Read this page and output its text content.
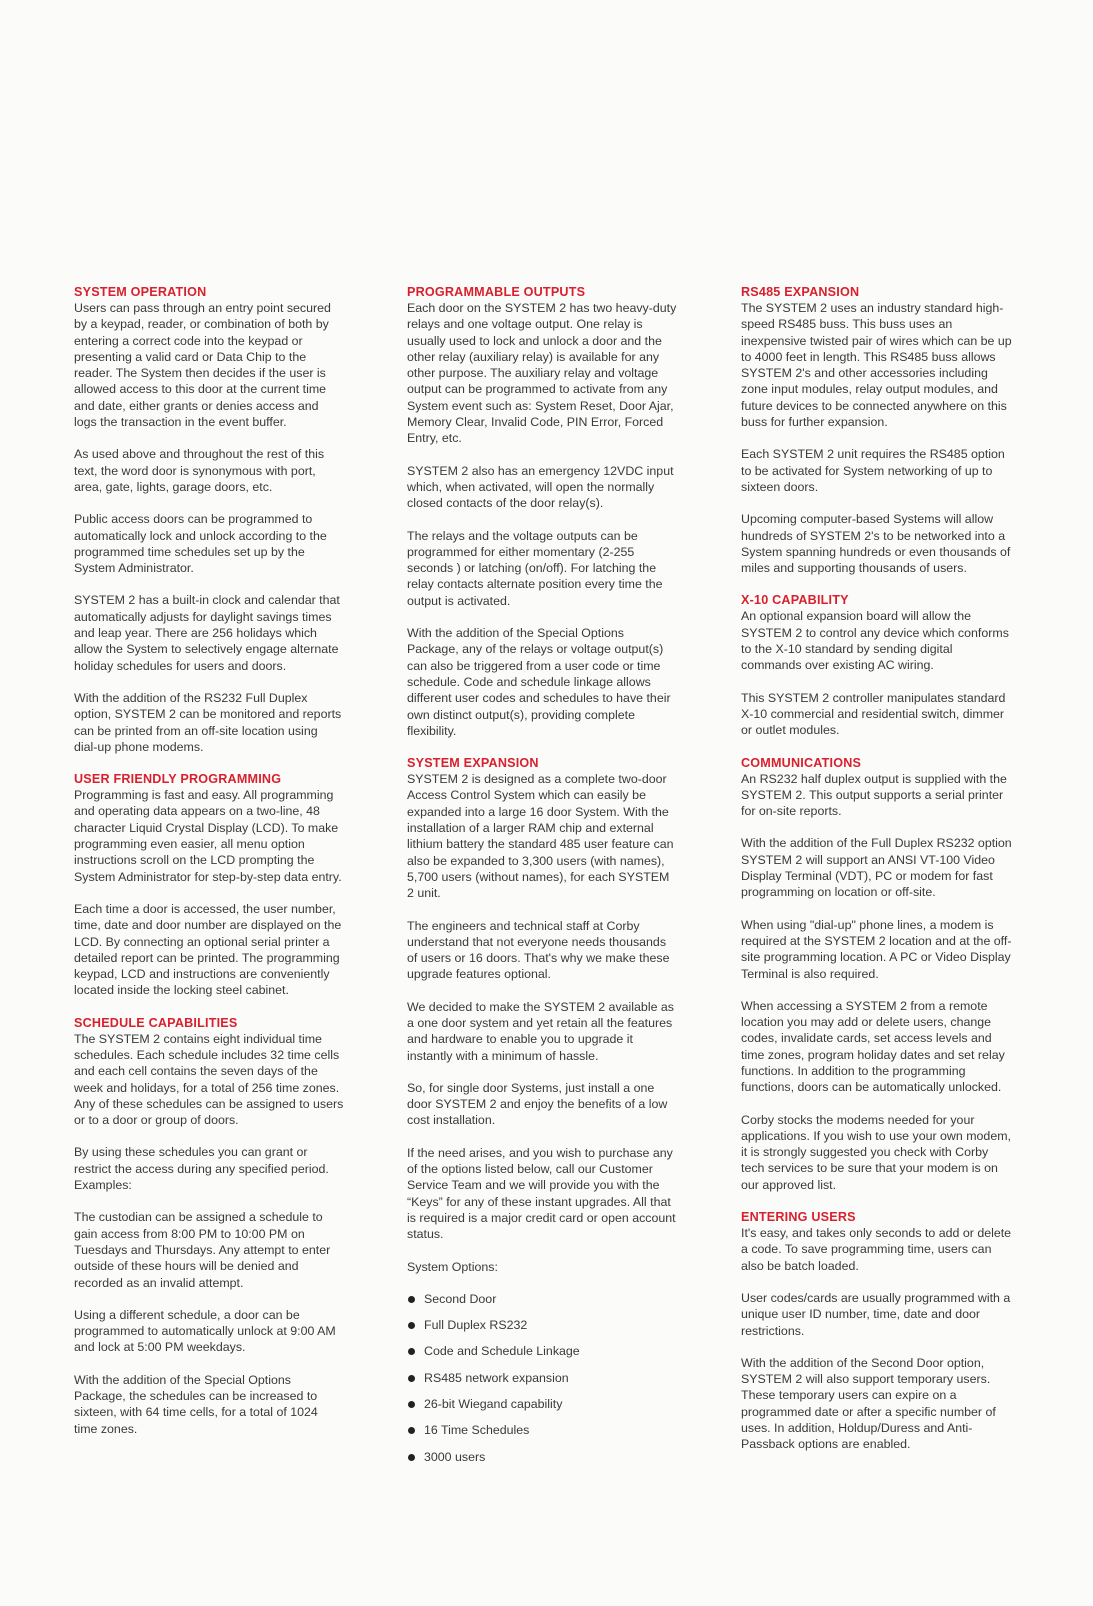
SYSTEM OPERATION

Users can pass through an entry point secured by a keypad, reader, or combination of both by entering a correct code into the keypad or presenting a valid card or Data Chip to the reader. The System then decides if the user is allowed access to this door at the current time and date, either grants or denies access and logs the transaction in the event buffer.

As used above and throughout the rest of this text, the word door is synonymous with port, area, gate, lights, garage doors, etc.

Public access doors can be programmed to automatically lock and unlock according to the programmed time schedules set up by the System Administrator.

SYSTEM 2 has a built-in clock and calendar that automatically adjusts for daylight savings times and leap year. There are 256 holidays which allow the System to selectively engage alternate holiday schedules for users and doors.

With the addition of the RS232 Full Duplex option, SYSTEM 2 can be monitored and reports can be printed from an off-site location using dial-up phone modems.

USER FRIENDLY PROGRAMMING

Programming is fast and easy. All programming and operating data appears on a two-line, 48 character Liquid Crystal Display (LCD). To make programming even easier, all menu option instructions scroll on the LCD prompting the System Administrator for step-by-step data entry.

Each time a door is accessed, the user number, time, date and door number are displayed on the LCD. By connecting an optional serial printer a detailed report can be printed. The programming keypad, LCD and instructions are conveniently located inside the locking steel cabinet.

SCHEDULE CAPABILITIES

The SYSTEM 2 contains eight individual time schedules. Each schedule includes 32 time cells and each cell contains the seven days of the week and holidays, for a total of 256 time zones. Any of these schedules can be assigned to users or to a door or group of doors.

By using these schedules you can grant or restrict the access during any specified period. Examples:

The custodian can be assigned a schedule to gain access from 8:00 PM to 10:00 PM on Tuesdays and Thursdays. Any attempt to enter outside of these hours will be denied and recorded as an invalid attempt.

Using a different schedule, a door can be programmed to automatically unlock at 9:00 AM and lock at 5:00 PM weekdays.

With the addition of the Special Options Package, the schedules can be increased to sixteen, with 64 time cells, for a total of 1024 time zones.

PROGRAMMABLE OUTPUTS

Each door on the SYSTEM 2 has two heavy-duty relays and one voltage output. One relay is usually used to lock and unlock a door and the other relay (auxiliary relay) is available for any other purpose. The auxiliary relay and voltage output can be programmed to activate from any System event such as: System Reset, Door Ajar, Memory Clear, Invalid Code, PIN Error, Forced Entry, etc.

SYSTEM 2 also has an emergency 12VDC input which, when activated, will open the normally closed contacts of the door relay(s).

The relays and the voltage outputs can be programmed for either momentary (2-255 seconds ) or latching (on/off). For latching the relay contacts alternate position every time the output is activated.

With the addition of the Special Options Package, any of the relays or voltage output(s) can also be triggered from a user code or time schedule. Code and schedule linkage allows different user codes and schedules to have their own distinct output(s), providing complete flexibility.

SYSTEM EXPANSION

SYSTEM 2 is designed as a complete two-door Access Control System which can easily be expanded into a large 16 door System. With the installation of a larger RAM chip and external lithium battery the standard 485 user feature can also be expanded to 3,300 users (with names), 5,700 users (without names), for each SYSTEM 2 unit.

The engineers and technical staff at Corby understand that not everyone needs thousands of users or 16 doors. That's why we make these upgrade features optional.

We decided to make the SYSTEM 2 available as a one door system and yet retain all the features and hardware to enable you to upgrade it instantly with a minimum of hassle.

So, for single door Systems, just install a one door SYSTEM 2 and enjoy the benefits of a low cost installation.

If the need arises, and you wish to purchase any of the options listed below, call our Customer Service Team and we will provide you with the “Keys” for any of these instant upgrades. All that is required is a major credit card or open account status.

System Options:

Second Door
Full Duplex RS232
Code and Schedule Linkage
RS485 network expansion
26-bit Wiegand capability
16 Time Schedules
3000 users
RS485 EXPANSION

The SYSTEM 2 uses an industry standard high-speed RS485 buss. This buss uses an inexpensive twisted pair of wires which can be up to 4000 feet in length. This RS485 buss allows SYSTEM 2's and other accessories including zone input modules, relay output modules, and future devices to be connected anywhere on this buss for further expansion.

Each SYSTEM 2 unit requires the RS485 option to be activated for System networking of up to sixteen doors.

Upcoming computer-based Systems will allow hundreds of SYSTEM 2's to be networked into a System spanning hundreds or even thousands of miles and supporting thousands of users.

X-10 CAPABILITY

An optional expansion board will allow the SYSTEM 2 to control any device which conforms to the X-10 standard by sending digital commands over existing AC wiring.

This SYSTEM 2 controller manipulates standard X-10 commercial and residential switch, dimmer or outlet modules.

COMMUNICATIONS

An RS232 half duplex output is supplied with the SYSTEM 2. This output supports a serial printer for on-site reports.

With the addition of the Full Duplex RS232 option SYSTEM 2 will support an ANSI VT-100 Video Display Terminal (VDT), PC or modem for fast programming on location or off-site.

When using "dial-up" phone lines, a modem is required at the SYSTEM 2 location and at the off-site programming location. A PC or Video Display Terminal is also required.

When accessing a SYSTEM 2 from a remote location you may add or delete users, change codes, invalidate cards, set access levels and time zones, program holiday dates and set relay functions. In addition to the programming functions, doors can be automatically unlocked.

Corby stocks the modems needed for your applications. If you wish to use your own modem, it is strongly suggested you check with Corby tech services to be sure that your modem is on our approved list.

ENTERING USERS

It's easy, and takes only seconds to add or delete a code. To save programming time, users can also be batch loaded.

User codes/cards are usually programmed with a unique user ID number, time, date and door restrictions.

With the addition of the Second Door option, SYSTEM 2 will also support temporary users. These temporary users can expire on a programmed date or after a specific number of uses. In addition, Holdup/Duress and Anti-Passback options are enabled.
